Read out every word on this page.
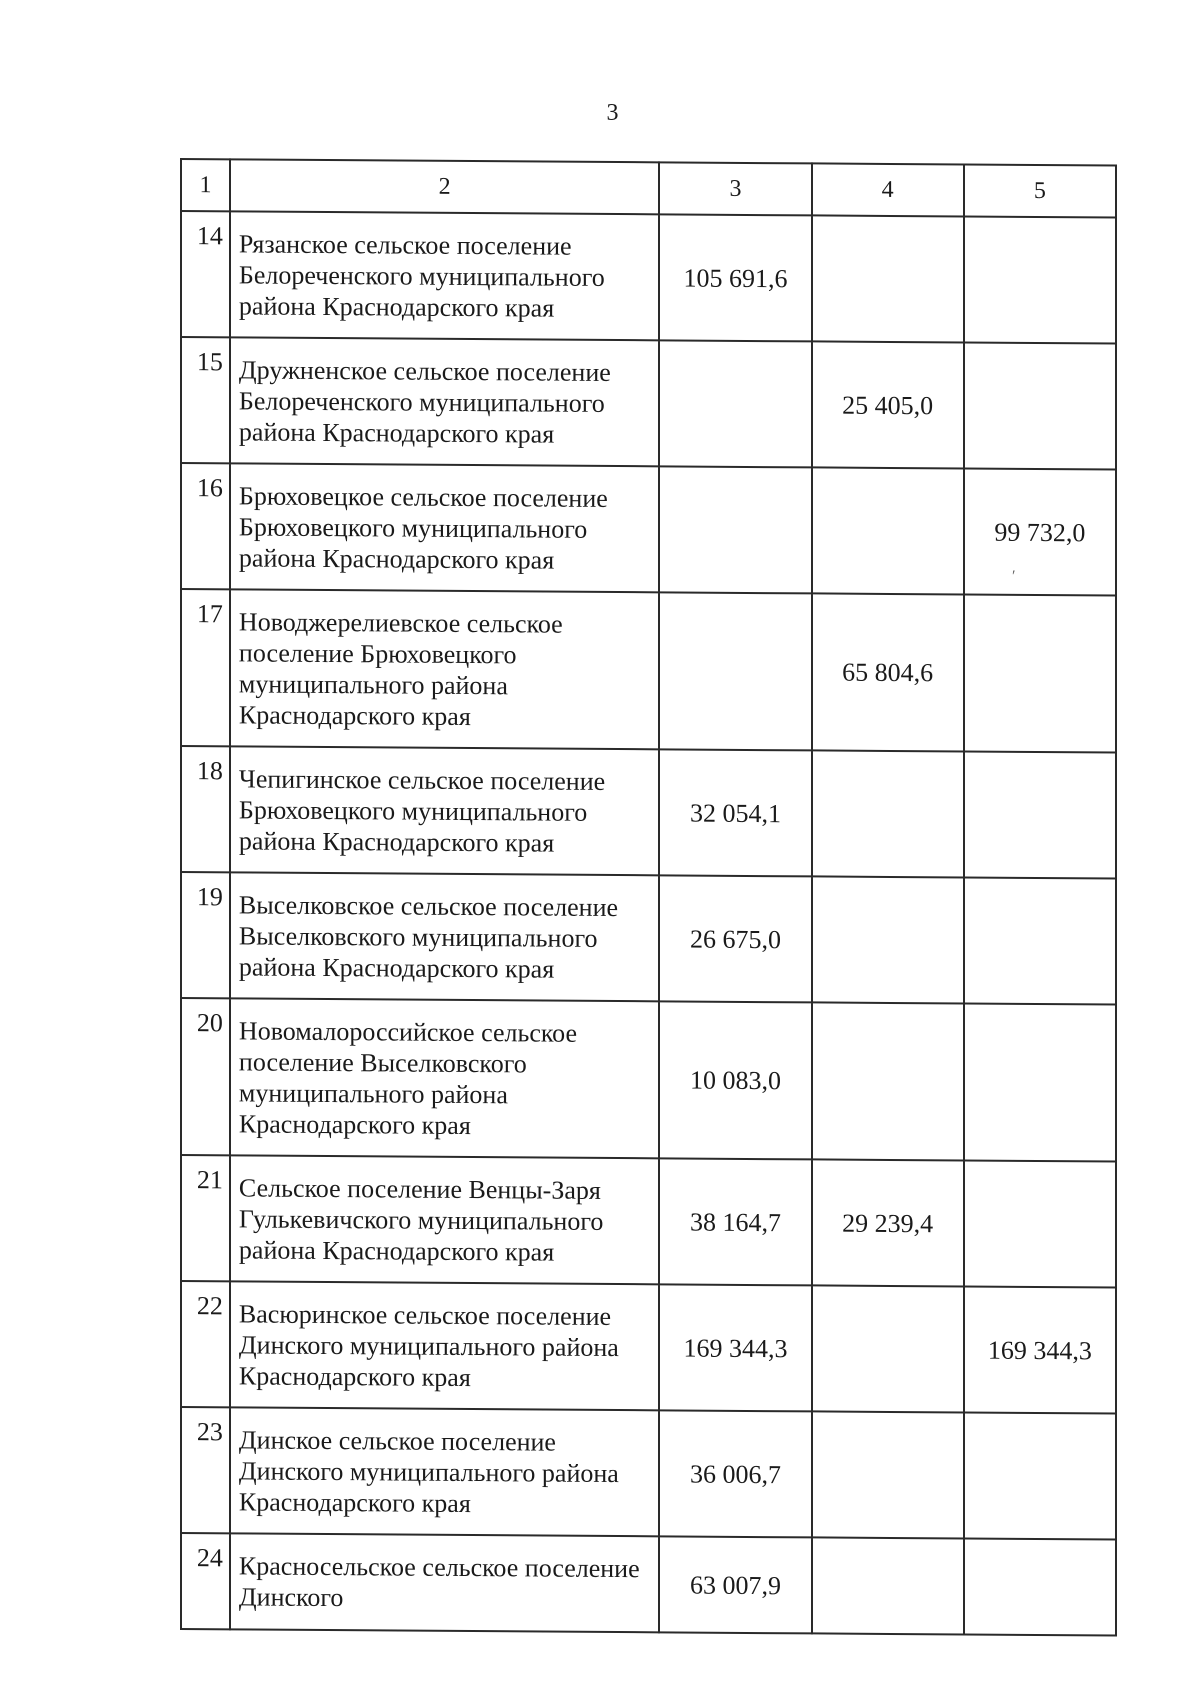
3
1	2	3	4	5
14	Рязанское сельское поселение Белореченского муниципального района Краснодарского края	105 691,6		
15	Дружненское сельское поселение Белореченского муниципального района Краснодарского края		25 405,0	
16	Брюховецкое сельское поселение Брюховецкого муниципального района Краснодарского края			99 732,0
17	Новоджерелиевское сельское поселение Брюховецкого муниципального района Краснодарского края		65 804,6	
18	Чепигинское сельское поселение Брюховецкого муниципального района Краснодарского края	32 054,1		
19	Выселковское сельское поселение Выселковского муниципального района Краснодарского края	26 675,0		
20	Новомалороссийское сельское поселение Выселковского муниципального района Краснодарского края	10 083,0		
21	Сельское поселение Венцы-Заря Гулькевичского муниципального района Краснодарского края	38 164,7	29 239,4	
22	Васюринское сельское поселение Динского муниципального района Краснодарского края	169 344,3		169 344,3
23	Динское сельское поселение Динского муниципального района Краснодарского края	36 006,7		
24	Красносельское сельское поселение Динского	63 007,9		
′
